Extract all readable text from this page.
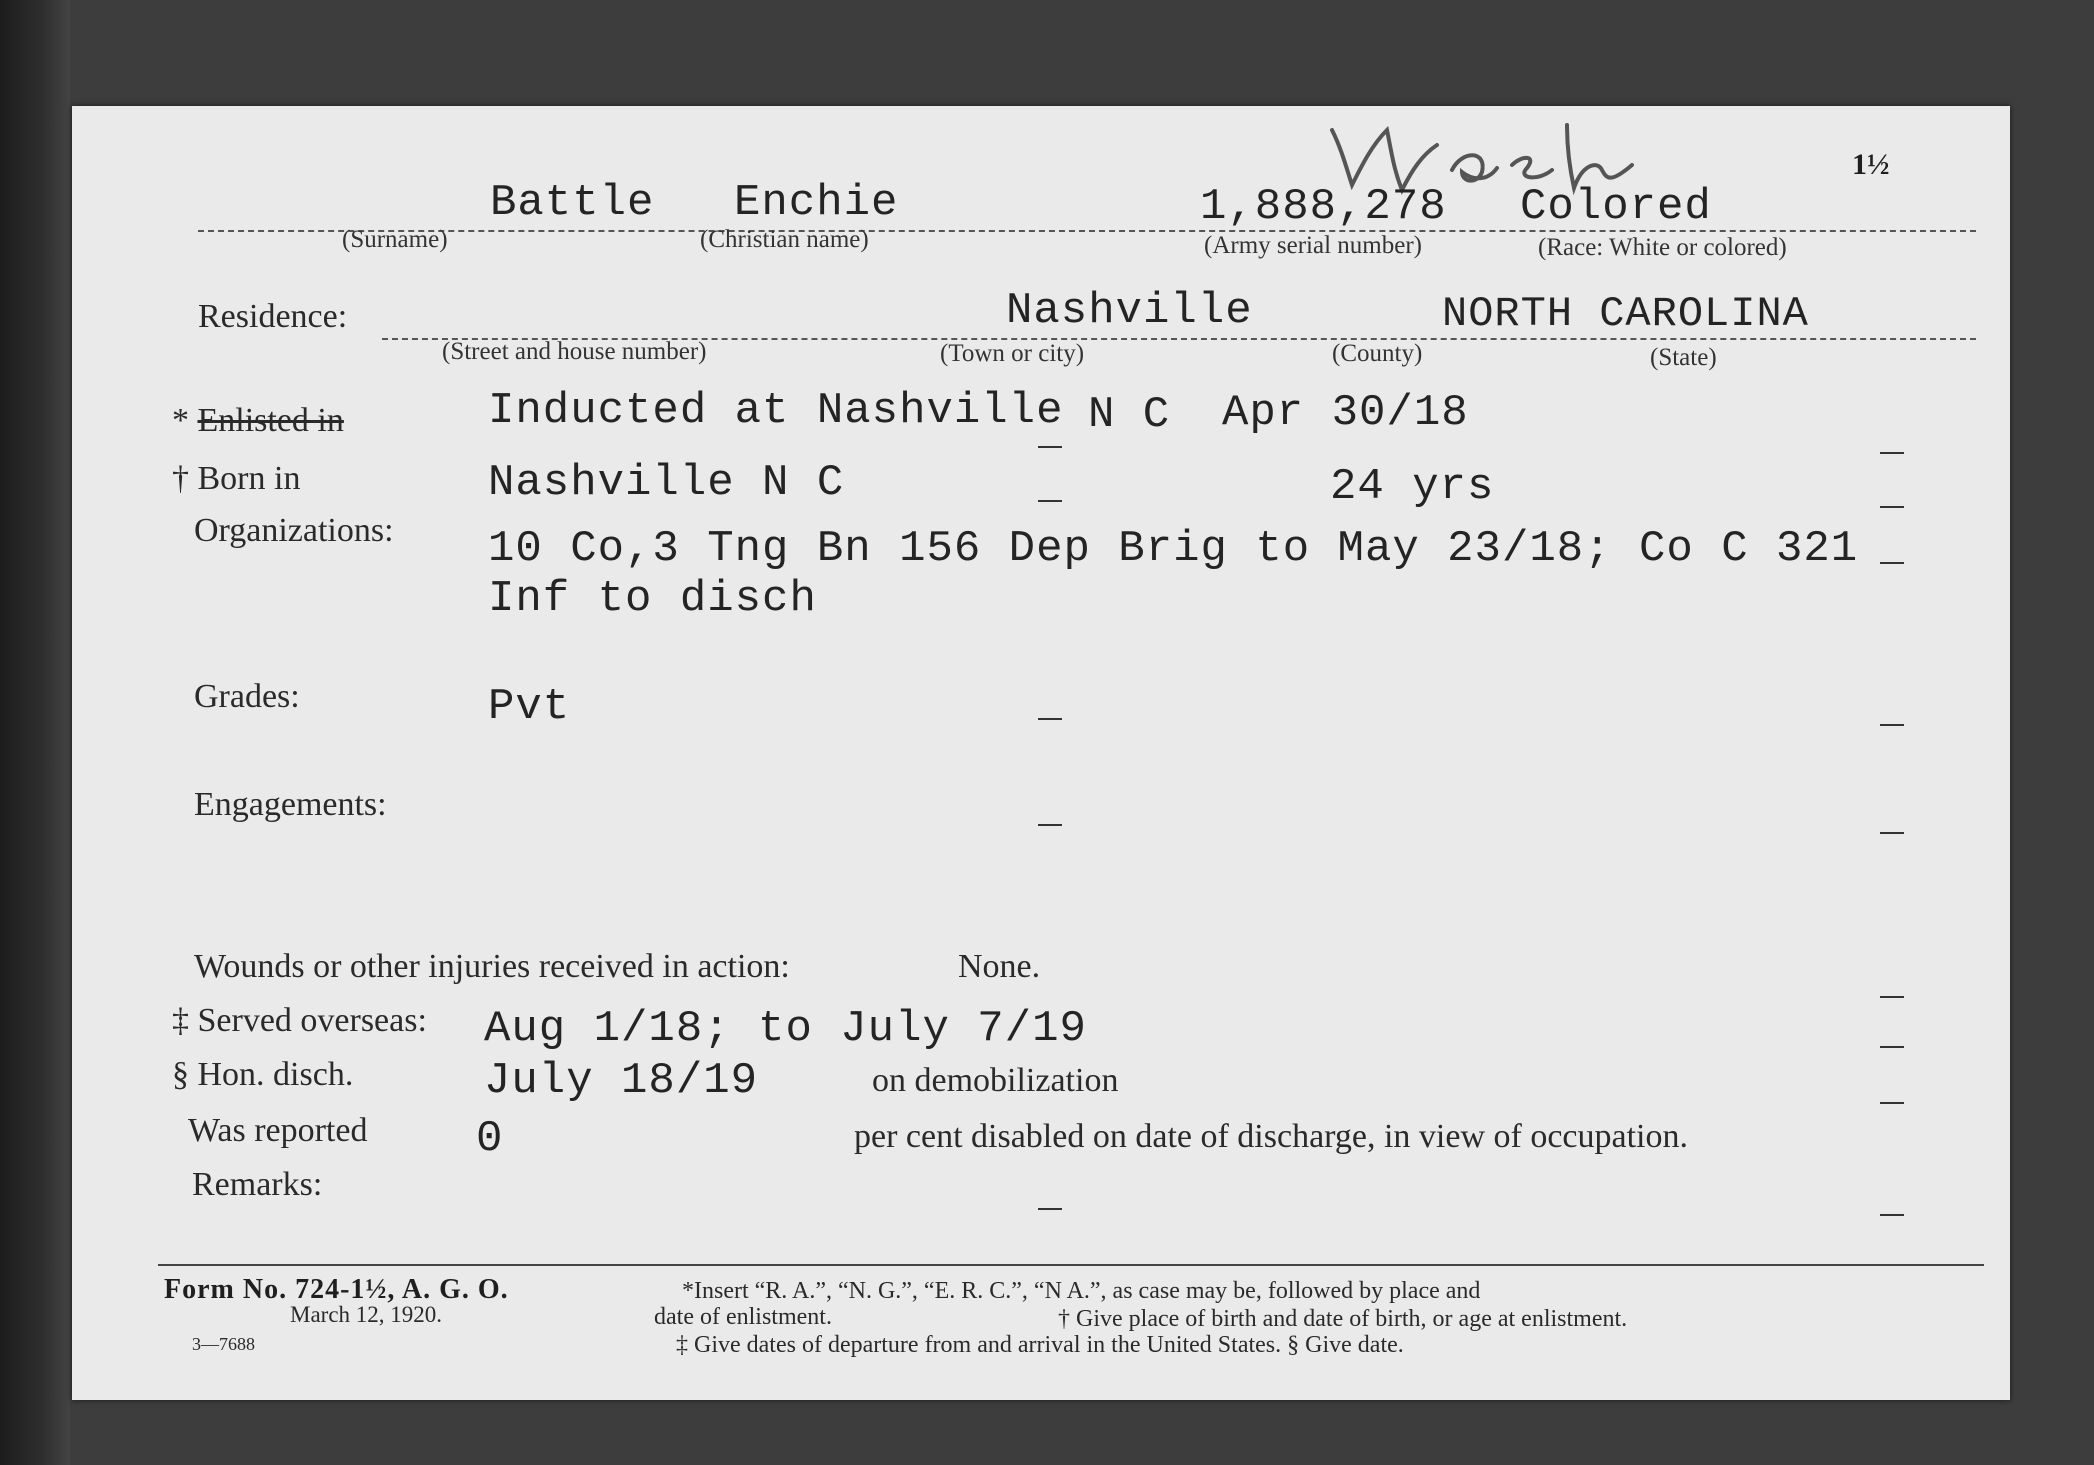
1½
Battle Enchie	1,888,278 Colored
(Surname)	(Christian name)	(Army serial number)	(Race: White or colored)
Residence:	Nashville	NORTH CAROLINA
(Street and house number)	(Town or city)	(County)	(State)
* Enlisted in	Inducted at Nashville N C Apr 30/18
† Born in	Nashville N C	24 yrs
Organizations: 10 Co,3 Tng Bn 156 Dep Brig to May 23/18; Co C 321
Inf to disch
Grades:	Pvt
Engagements:
Wounds or other injuries received in action:	None.
‡ Served overseas: Aug 1/18; to July 7/19
§ Hon. disch.	July 18/19	on demobilization
Was reported 0	per cent disabled on date of discharge, in view of occupation.
Remarks:
Form No. 724-1½, A. G. O.
March 12, 1920.
3—7688
*Insert “R. A.”, “N. G.”, “E. R. C.”, “N A.”, as case may be, followed by place and
date of enlistment.	† Give place of birth and date of birth, or age at enlistment.
‡ Give dates of departure from and arrival in the United States. § Give date.
